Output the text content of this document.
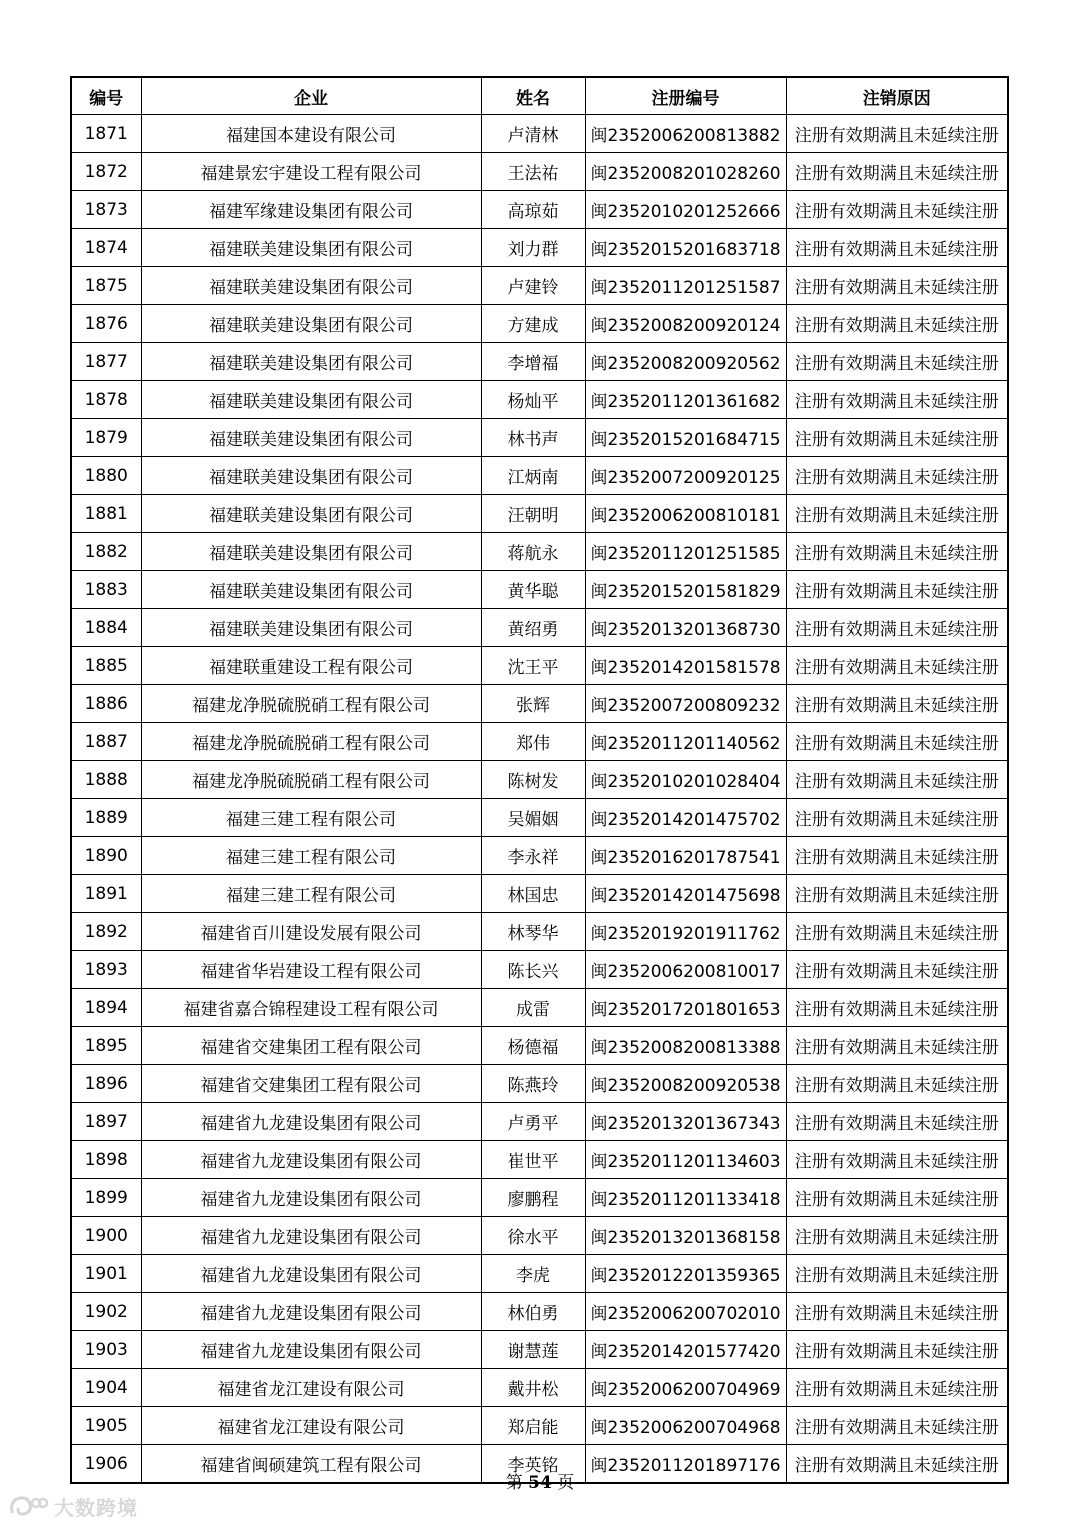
编号	企业	姓名	注册编号	注销原因
1871	福建国本建设有限公司	卢清林	闽2352006200813882	注册有效期满且未延续注册
1872	福建景宏宇建设工程有限公司	王法祐	闽2352008201028260	注册有效期满且未延续注册
1873	福建军缘建设集团有限公司	高琼茹	闽2352010201252666	注册有效期满且未延续注册
1874	福建联美建设集团有限公司	刘力群	闽2352015201683718	注册有效期满且未延续注册
1875	福建联美建设集团有限公司	卢建铃	闽2352011201251587	注册有效期满且未延续注册
1876	福建联美建设集团有限公司	方建成	闽2352008200920124	注册有效期满且未延续注册
1877	福建联美建设集团有限公司	李增福	闽2352008200920562	注册有效期满且未延续注册
1878	福建联美建设集团有限公司	杨灿平	闽2352011201361682	注册有效期满且未延续注册
1879	福建联美建设集团有限公司	林书声	闽2352015201684715	注册有效期满且未延续注册
1880	福建联美建设集团有限公司	江炳南	闽2352007200920125	注册有效期满且未延续注册
1881	福建联美建设集团有限公司	汪朝明	闽2352006200810181	注册有效期满且未延续注册
1882	福建联美建设集团有限公司	蒋航永	闽2352011201251585	注册有效期满且未延续注册
1883	福建联美建设集团有限公司	黄华聪	闽2352015201581829	注册有效期满且未延续注册
1884	福建联美建设集团有限公司	黄绍勇	闽2352013201368730	注册有效期满且未延续注册
1885	福建联重建设工程有限公司	沈王平	闽2352014201581578	注册有效期满且未延续注册
1886	福建龙净脱硫脱硝工程有限公司	张辉	闽2352007200809232	注册有效期满且未延续注册
1887	福建龙净脱硫脱硝工程有限公司	郑伟	闽2352011201140562	注册有效期满且未延续注册
1888	福建龙净脱硫脱硝工程有限公司	陈树发	闽2352010201028404	注册有效期满且未延续注册
1889	福建三建工程有限公司	吴媚姻	闽2352014201475702	注册有效期满且未延续注册
1890	福建三建工程有限公司	李永祥	闽2352016201787541	注册有效期满且未延续注册
1891	福建三建工程有限公司	林国忠	闽2352014201475698	注册有效期满且未延续注册
1892	福建省百川建设发展有限公司	林琴华	闽2352019201911762	注册有效期满且未延续注册
1893	福建省华岩建设工程有限公司	陈长兴	闽2352006200810017	注册有效期满且未延续注册
1894	福建省嘉合锦程建设工程有限公司	成雷	闽2352017201801653	注册有效期满且未延续注册
1895	福建省交建集团工程有限公司	杨德福	闽2352008200813388	注册有效期满且未延续注册
1896	福建省交建集团工程有限公司	陈燕玲	闽2352008200920538	注册有效期满且未延续注册
1897	福建省九龙建设集团有限公司	卢勇平	闽2352013201367343	注册有效期满且未延续注册
1898	福建省九龙建设集团有限公司	崔世平	闽2352011201134603	注册有效期满且未延续注册
1899	福建省九龙建设集团有限公司	廖鹏程	闽2352011201133418	注册有效期满且未延续注册
1900	福建省九龙建设集团有限公司	徐水平	闽2352013201368158	注册有效期满且未延续注册
1901	福建省九龙建设集团有限公司	李虎	闽2352012201359365	注册有效期满且未延续注册
1902	福建省九龙建设集团有限公司	林伯勇	闽2352006200702010	注册有效期满且未延续注册
1903	福建省九龙建设集团有限公司	谢慧莲	闽2352014201577420	注册有效期满且未延续注册
1904	福建省龙江建设有限公司	戴井松	闽2352006200704969	注册有效期满且未延续注册
1905	福建省龙江建设有限公司	郑启能	闽2352006200704968	注册有效期满且未延续注册
1906	福建省闽硕建筑工程有限公司	李英铭	闽2352011201897176	注册有效期满且未延续注册
第 54 页
大数跨境
